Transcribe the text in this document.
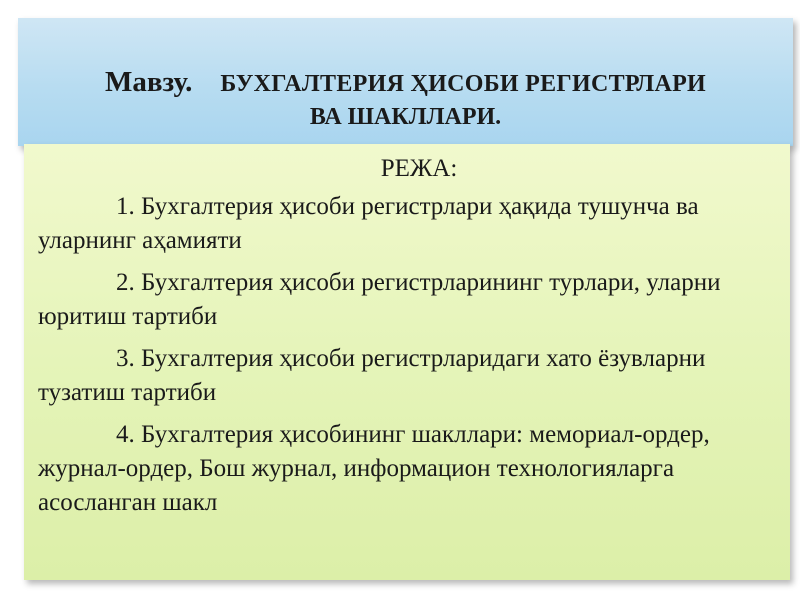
Мавзу. БУХГАЛТЕРИЯ ҲИСОБИ РЕГИСТРЛАРИ
ВА ШАКЛЛАРИ.
РЕЖА:
1. Бухгалтерия ҳисоби регистрлари ҳақида тушунча ва уларнинг аҳамияти
2. Бухгалтерия ҳисоби регистрларининг турлари, уларни юритиш тартиби
3. Бухгалтерия ҳисоби регистрларидаги хато ёзувларни тузатиш тартиби
4. Бухгалтерия ҳисобининг шакллари: мемориал-ордер, журнал-ордер, Бош журнал, информацион технологияларга асосланган шакл
